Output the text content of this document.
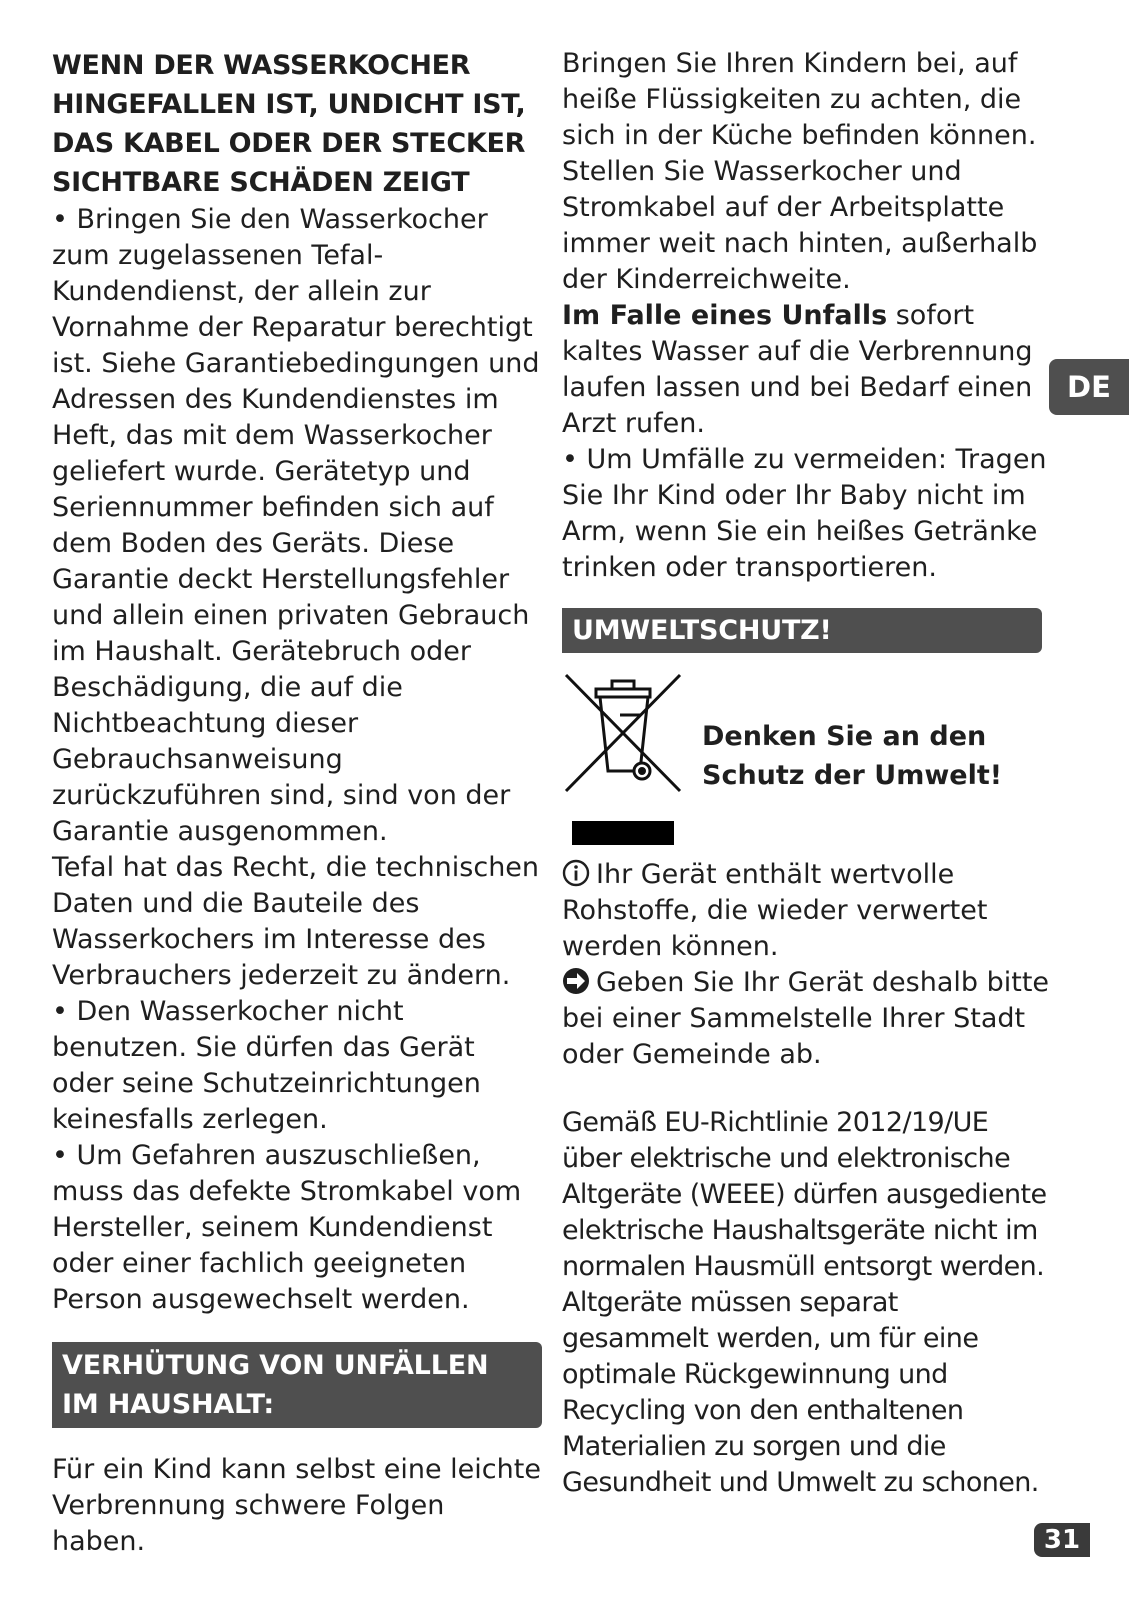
WENN DER WASSERKOCHER HINGEFALLEN IST, UNDICHT IST, DAS KABEL ODER DER STECKER SICHTBARE SCHÄDEN ZEIGT

• Bringen Sie den Wasserkocher zum zugelassenen Tefal-Kundendienst, der allein zur Vornahme der Reparatur berechtigt ist. Siehe Garantiebedingungen und Adressen des Kundendienstes im Heft, das mit dem Wasserkocher geliefert wurde. Gerätetyp und Seriennummer befinden sich auf dem Boden des Geräts. Diese Garantie deckt Herstellungsfehler und allein einen privaten Gebrauch im Haushalt. Gerätebruch oder Beschädigung, die auf die Nichtbeachtung dieser Gebrauchsanweisung zurückzuführen sind, sind von der Garantie ausgenommen.

Tefal hat das Recht, die technischen Daten und die Bauteile des Wasserkochers im Interesse des Verbrauchers jederzeit zu ändern.

• Den Wasserkocher nicht benutzen. Sie dürfen das Gerät oder seine Schutzeinrichtungen keinesfalls zerlegen.

• Um Gefahren auszuschließen, muss das defekte Stromkabel vom Hersteller, seinem Kundendienst oder einer fachlich geeigneten Person ausgewechselt werden.

VERHÜTUNG VON UNFÄLLEN IM HAUSHALT:

Für ein Kind kann selbst eine leichte Verbrennung schwere Folgen haben.

Bringen Sie Ihren Kindern bei, auf heiße Flüssigkeiten zu achten, die sich in der Küche befinden können. Stellen Sie Wasserkocher und Stromkabel auf der Arbeitsplatte immer weit nach hinten, außerhalb der Kinderreichweite.

Im Falle eines Unfalls sofort kaltes Wasser auf die Verbrennung laufen lassen und bei Bedarf einen Arzt rufen.

• Um Umfälle zu vermeiden: Tragen Sie Ihr Kind oder Ihr Baby nicht im Arm, wenn Sie ein heißes Getränke trinken oder transportieren.

UMWELTSCHUTZ!
Denken Sie an den Schutz der Umwelt!

Ihr Gerät enthält wertvolle Rohstoffe, die wieder verwertet werden können.

Geben Sie Ihr Gerät deshalb bitte bei einer Sammelstelle Ihrer Stadt oder Gemeinde ab.

Gemäß EU-Richtlinie 2012/19/UE über elektrische und elektronische Altgeräte (WEEE) dürfen ausgediente elektrische Haushaltsgeräte nicht im normalen Hausmüll entsorgt werden. Altgeräte müssen separat gesammelt werden, um für eine optimale Rückgewinnung und Recycling von den enthaltenen Materialien zu sorgen und die Gesundheit und Umwelt zu schonen.

DE
31
